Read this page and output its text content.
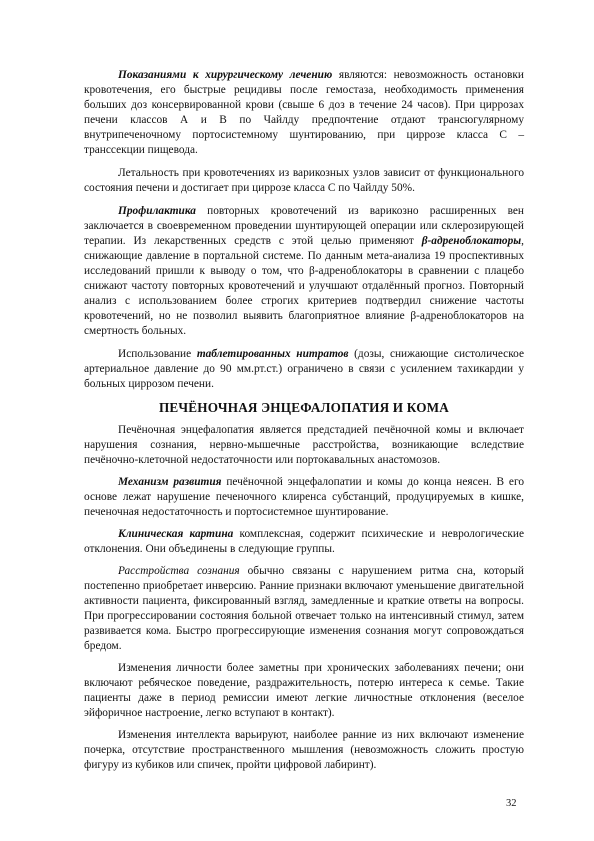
Показаниями к хирургическому лечению являются: невозможность остановки кровотечения, его быстрые рецидивы после гемостаза, необходимость применения больших доз консервированной крови (свыше 6 доз в течение 24 часов). При циррозах печени классов А и В по Чайлду предпочтение отдают трансюгулярному внутрипеченочному портосистемному шунтированию, при циррозе класса С – транссекции пищевода.

Летальность при кровотечениях из варикозных узлов зависит от функционального состояния печени и достигает при циррозе класса С по Чайлду 50%.

Профилактика повторных кровотечений из варикозно расширенных вен заключается в своевременном проведении шунтирующей операции или склерозирующей терапии. Из лекарственных средств с этой целью применяют β-адреноблокаторы, снижающие давление в портальной системе. По данным мета-аиализа 19 проспективных исследований пришли к выводу о том, что β-адреноблокаторы в сравнении с плацебо снижают частоту повторных кровотечений и улучшают отдалённый прогноз. Повторный анализ с использованием более строгих критериев подтвердил снижение частоты кровотечений, но не позволил выявить благоприятное влияние β-адреноблокаторов на смертность больных.

Использование таблетированных нитратов (дозы, снижающие систолическое артериальное давление до 90 мм.рт.ст.) ограничено в связи с усилением тахикардии у больных циррозом печени.

ПЕЧЁНОЧНАЯ ЭНЦЕФАЛОПАТИЯ И КОМА

Печёночная энцефалопатия является предстадией печёночной комы и включает нарушения сознания, нервно-мышечные расстройства, возникающие вследствие печёночно-клеточной недостаточности или портокавальных анастомозов.

Механизм развития печёночной энцефалопатии и комы до конца неясен. В его основе лежат нарушение печеночного клиренса субстанций, продуцируемых в кишке, печеночная недостаточность и портосистемное шунтирование.

Клиническая картина комплексная, содержит психические и неврологические отклонения. Они объединены в следующие группы.

Расстройства сознания обычно связаны с нарушением ритма сна, который постепенно приобретает инверсию. Ранние признаки включают уменьшение двигательной активности пациента, фиксированный взгляд, замедленные и краткие ответы на вопросы. При прогрессировании состояния больной отвечает только на интенсивный стимул, затем развивается кома. Быстро прогрессирующие изменения сознания могут сопровождаться бредом.

Изменения личности более заметны при хронических заболеваниях печени; они включают ребяческое поведение, раздражительность, потерю интереса к семье. Такие пациенты даже в период ремиссии имеют легкие личностные отклонения (веселое эйфоричное настроение, легко вступают в контакт).

Изменения интеллекта варьируют, наиболее ранние из них включают изменение почерка, отсутствие пространственного мышления (невозможность сложить простую фигуру из кубиков или спичек, пройти цифровой лабиринт).

32
